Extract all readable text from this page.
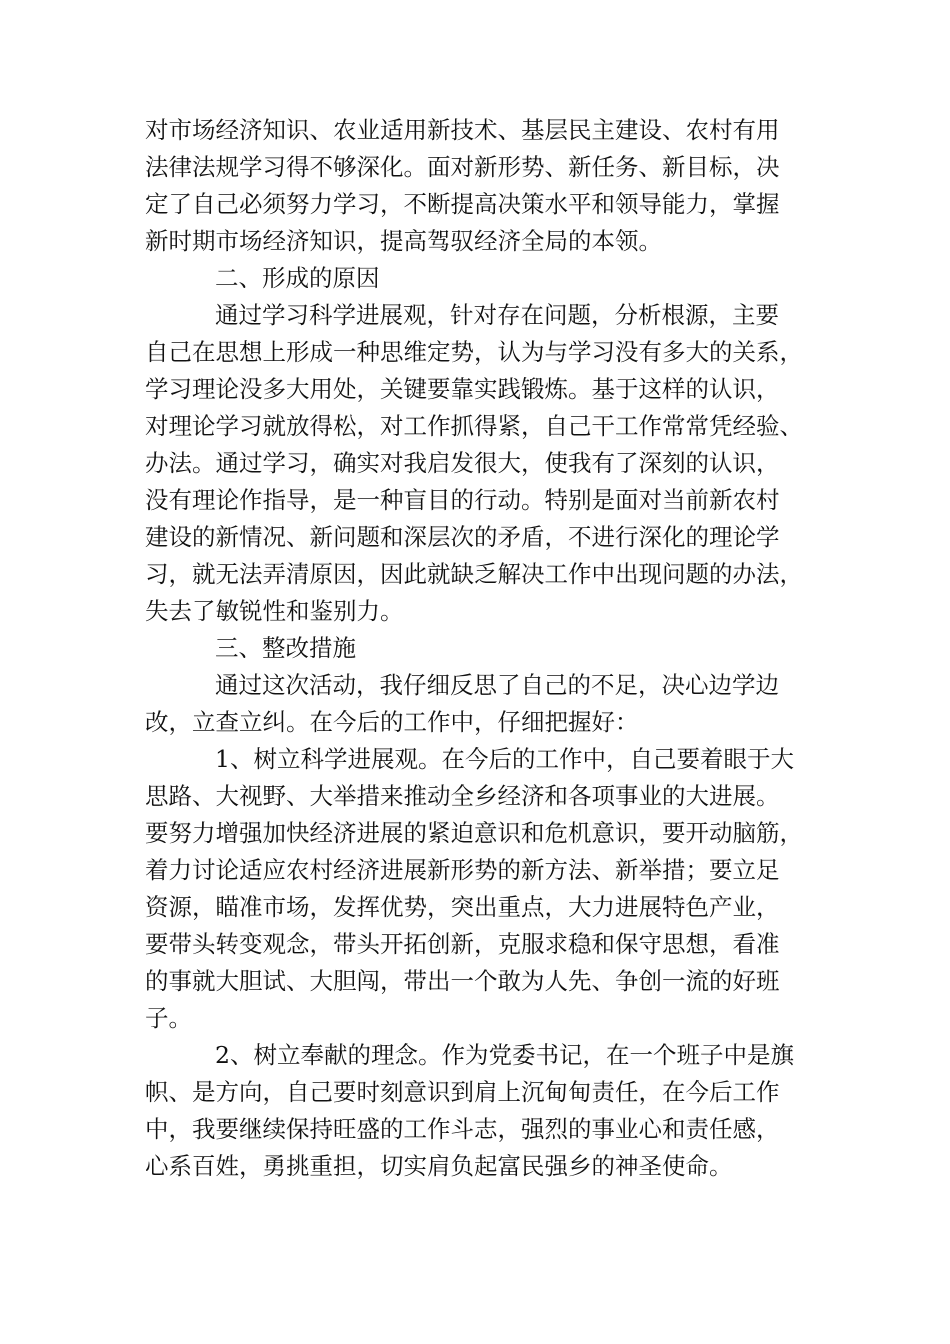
对市场经济知识、农业适用新技术、基层民主建设、农村有用
法律法规学习得不够深化。面对新形势、新任务、新目标，决
定了自己必须努力学习，不断提高决策水平和领导能力，掌握
新时期市场经济知识，提高驾驭经济全局的本领。
二、形成的原因
通过学习科学进展观，针对存在问题，分析根源，主要
自己在思想上形成一种思维定势，认为与学习没有多大的关系，
学习理论没多大用处，关键要靠实践锻炼。基于这样的认识，
对理论学习就放得松，对工作抓得紧，自己干工作常常凭经验、
办法。通过学习，确实对我启发很大，使我有了深刻的认识，
没有理论作指导，是一种盲目的行动。特别是面对当前新农村
建设的新情况、新问题和深层次的矛盾，不进行深化的理论学
习，就无法弄清原因，因此就缺乏解决工作中出现问题的办法，
失去了敏锐性和鉴别力。
三、整改措施
通过这次活动，我仔细反思了自己的不足，决心边学边
改，立查立纠。在今后的工作中，仔细把握好：
1、树立科学进展观。在今后的工作中，自己要着眼于大
思路、大视野、大举措来推动全乡经济和各项事业的大进展。
要努力增强加快经济进展的紧迫意识和危机意识，要开动脑筋，
着力讨论适应农村经济进展新形势的新方法、新举措；要立足
资源，瞄准市场，发挥优势，突出重点，大力进展特色产业，
要带头转变观念，带头开拓创新，克服求稳和保守思想，看准
的事就大胆试、大胆闯，带出一个敢为人先、争创一流的好班
子。
2、树立奉献的理念。作为党委书记，在一个班子中是旗
帜、是方向，自己要时刻意识到肩上沉甸甸责任，在今后工作
中，我要继续保持旺盛的工作斗志，强烈的事业心和责任感，
心系百姓，勇挑重担，切实肩负起富民强乡的神圣使命。
